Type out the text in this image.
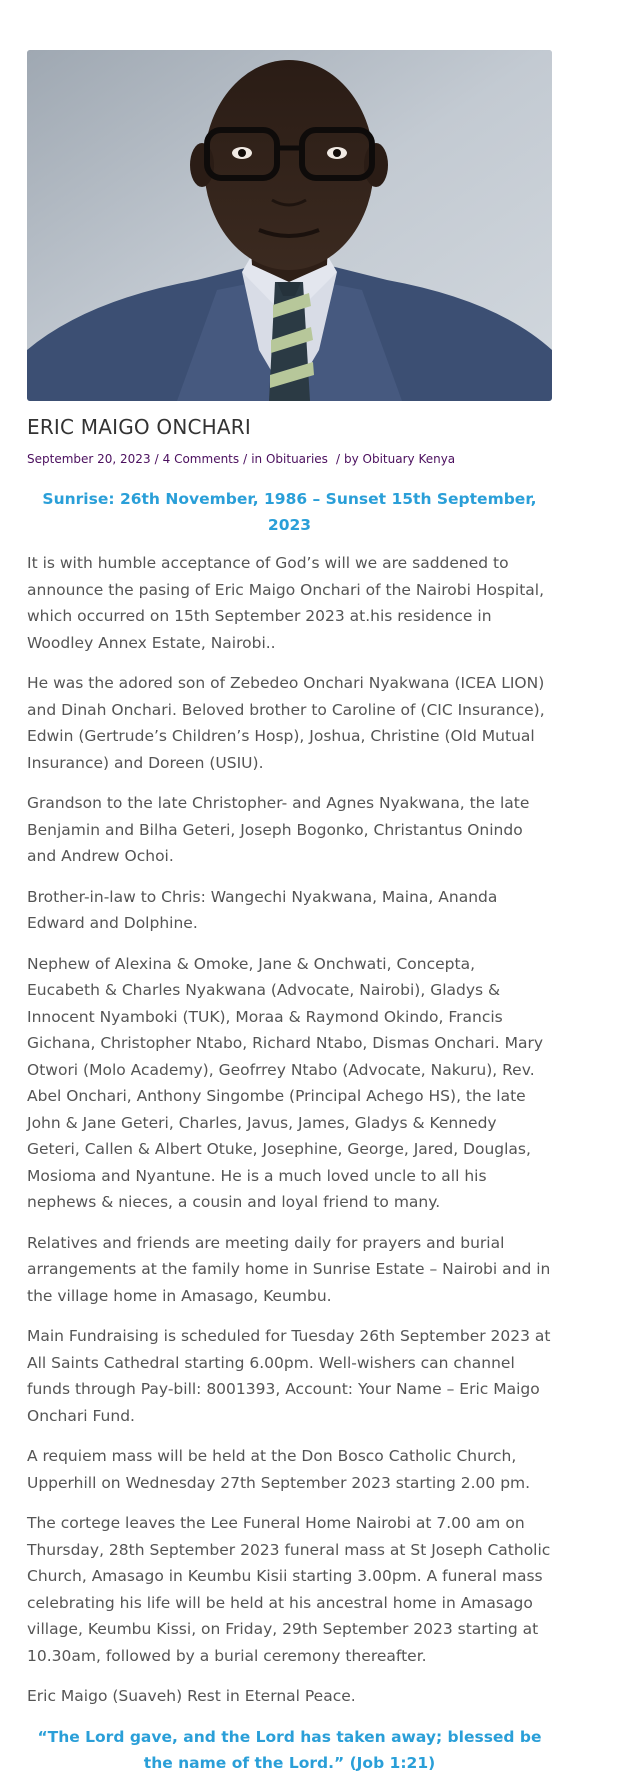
ERIC MAIGO ONCHARI
September 20, 2023 / 4 Comments / in Obituaries / by Obituary Kenya

Sunrise: 26th November, 1986 – Sunset 15th September, 2023

It is with humble acceptance of God’s will we are saddened to announce the pasing of Eric Maigo Onchari of the Nairobi Hospital, which occurred on 15th September 2023 at.his residence in Woodley Annex Estate, Nairobi..

He was the adored son of Zebedeo Onchari Nyakwana (ICEA LION) and Dinah Onchari. Beloved brother to Caroline of (CIC Insurance), Edwin (Gertrude’s Children’s Hosp), Joshua, Christine (Old Mutual Insurance) and Doreen (USIU).

Grandson to the late Christopher- and Agnes Nyakwana, the late Benjamin and Bilha Geteri, Joseph Bogonko, Christantus Onindo and Andrew Ochoi.

Brother-in-law to Chris: Wangechi Nyakwana, Maina, Ananda Edward and Dolphine.

Nephew of Alexina & Omoke, Jane & Onchwati, Concepta, Eucabeth & Charles Nyakwana (Advocate, Nairobi), Gladys & Innocent Nyamboki (TUK), Moraa & Raymond Okindo, Francis Gichana, Christopher Ntabo, Richard Ntabo, Dismas Onchari. Mary Otwori (Molo Academy), Geofrrey Ntabo (Advocate, Nakuru), Rev. Abel Onchari, Anthony Singombe (Principal Achego HS), the late John & Jane Geteri, Charles, Javus, James, Gladys & Kennedy Geteri, Callen & Albert Otuke, Josephine, George, Jared, Douglas, Mosioma and Nyantune. He is a much loved uncle to all his nephews & nieces, a cousin and loyal friend to many.

Relatives and friends are meeting daily for prayers and burial arrangements at the family home in Sunrise Estate – Nairobi and in the village home in Amasago, Keumbu.

Main Fundraising is scheduled for Tuesday 26th September 2023 at All Saints Cathedral starting 6.00pm. Well-wishers can channel funds through Pay-bill: 8001393, Account: Your Name – Eric Maigo Onchari Fund.

A requiem mass will be held at the Don Bosco Catholic Church, Upperhill on Wednesday 27th September 2023 starting 2.00 pm.

The cortege leaves the Lee Funeral Home Nairobi at 7.00 am on Thursday, 28th September 2023 funeral mass at St Joseph Catholic Church, Amasago in Keumbu Kisii starting 3.00pm. A funeral mass celebrating his life will be held at his ancestral home in Amasago village, Keumbu Kissi, on Friday, 29th September 2023 starting at 10.30am, followed by a burial ceremony thereafter.

Eric Maigo (Suaveh) Rest in Eternal Peace.

“The Lord gave, and the Lord has taken away; blessed be the name of the Lord.” (Job 1:21)
